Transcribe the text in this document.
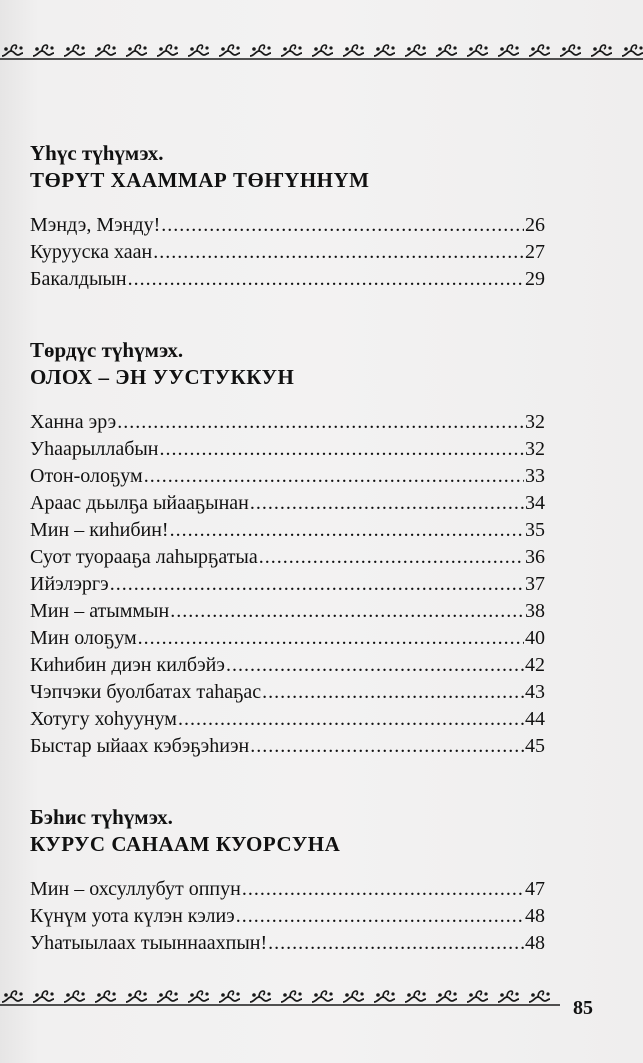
Үһүс түһүмэх.

ТӨРҮТ ХААММАР ТӨҤҮННҮМ

Мэндэ, Мэнду! .....	26
Куруускa хаан .....	27
Бакалдыын .....	29

Төрдүс түһүмэх.

ОЛОХ – ЭН УУСТУККУН

Ханна эрэ .....	32
Уһаарыллабын .....	32
Отон-олоҕум .....	33
Араас дьылҕа ыйааҕынан .....	34
Мин – киһибин! .....	35
Суот туорааҕа лаһырҕатыа .....	36
Ийэлэргэ .....	37
Мин – атыммын .....	38
Мин олоҕум .....	40
Киһибин диэн килбэйэ .....	42
Чэпчэки буолбатах таһаҕас .....	43
Хотугу хоһуунум .....	44
Быстар ыйаах кэбэҕэһиэн .....	45

Бэһис түһүмэх.

КУРУС САНААМ КУОРСУНА

Мин – охсуллубут оппун .....	47
Күнүм уота күлэн кэлиэ .....	48
Уһатыылаах тыыннаахпын! .....	48
85
